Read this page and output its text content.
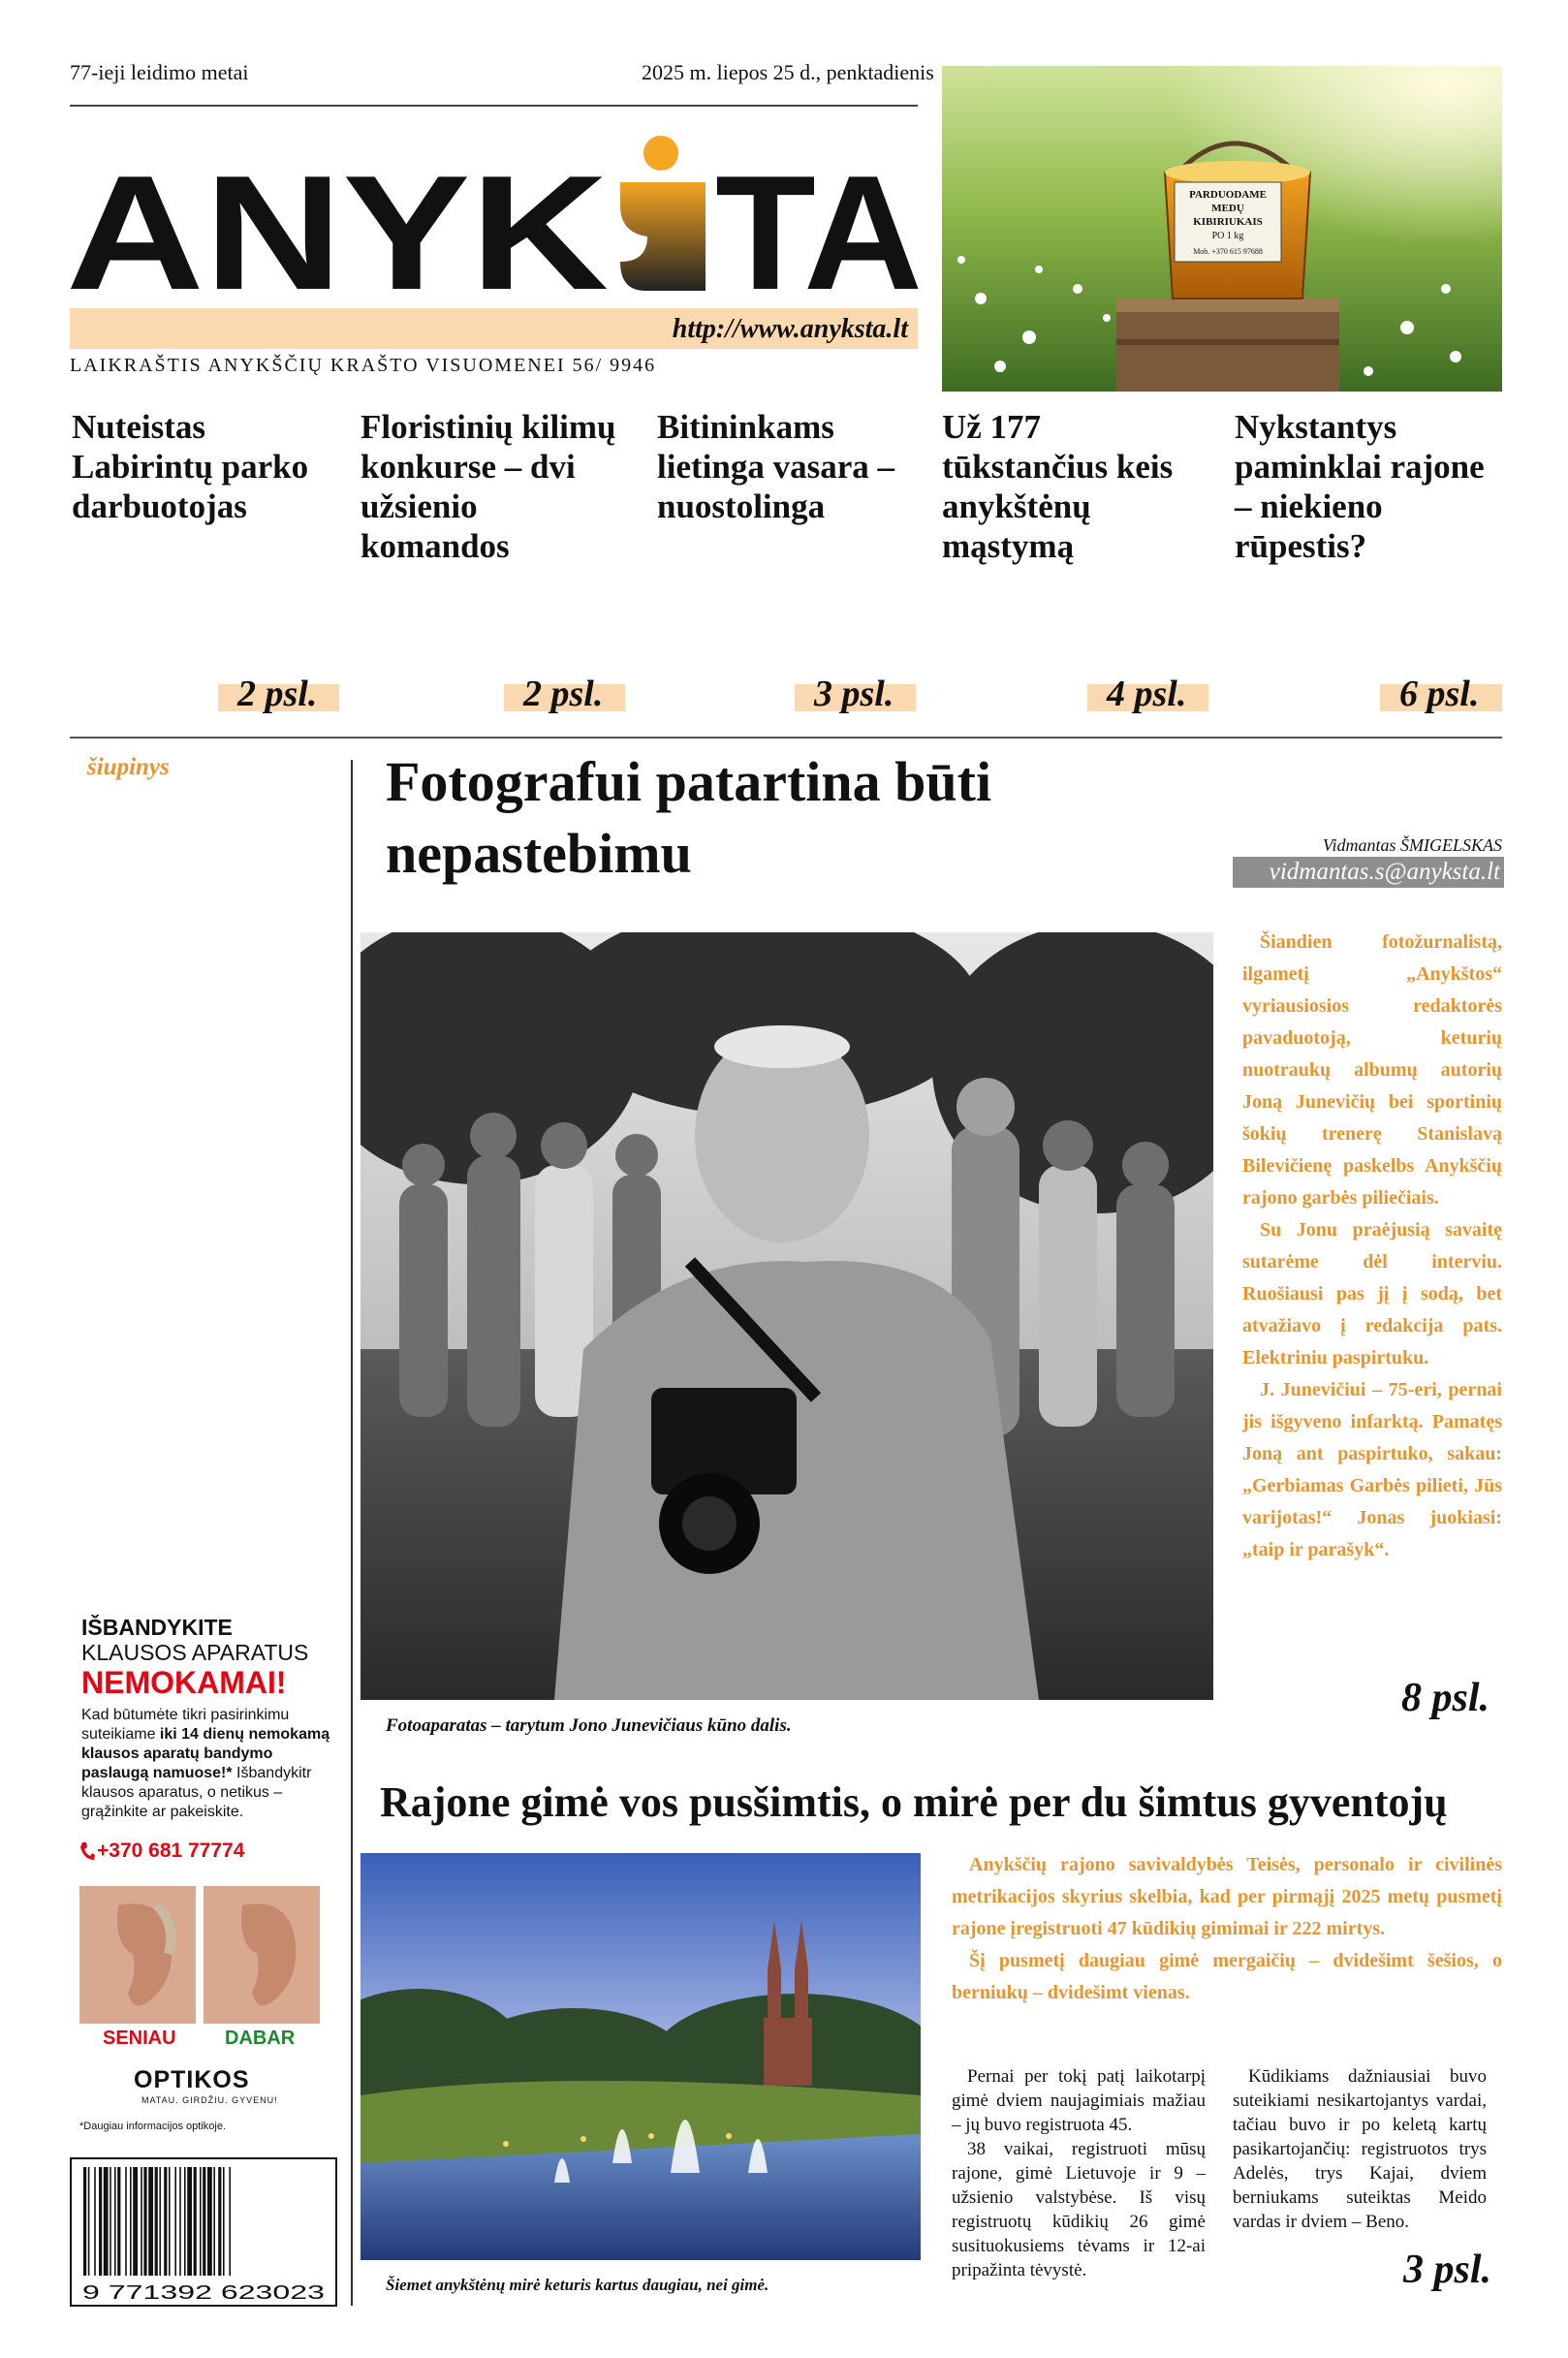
77-ieji leidimo metai	2025 m. liepos 25 d., penktadienis
ANYK TA
http://www.anyksta.lt
LAIKRAŠTIS ANYKŠČIŲ KRAŠTO VISUOMENEI 56/ 9946
PARDUODAME
MEDŲ
KIBIRIUKAIS
PO 1 kg
Mob. +370 615 97688
Nuteistas Labirintų parko darbuotojas
Floristinių kilimų konkurse – dvi užsienio komandos
Bitininkams lietinga vasara – nuostolinga
Už 177 tūkstančius keis anykštėnų mąstymą
Nykstantys paminklai rajone – niekieno rūpestis?
2 psl.	2 psl.	3 psl.	4 psl.	6 psl.
šiupinys
IŠBANDYKITE
KLAUSOS APARATUS
NEMOKAMAI!
Kad būtumėte tikri pasirinkimu suteikiame iki 14 dienų nemokamą klausos aparatų bandymo paslaugą namuose!* Išbandykitr klausos aparatus, o netikus – grąžinkite ar pakeiskite.
+370 681 77774
SENIAU	DABAR
OPTIKOS
MATAU. GIRDŽIU. GYVENU!
*Daugiau informacijos optikoje.
9 771392 623023
Fotografui patartina būti nepastebimu	Vidmantas ŠMIGELSKAS
vidmantas.s@anyksta.lt
Fotoaparatas – tarytum Jono Junevičiaus kūno dalis.

Šiandien fotožurnalistą, ilgametį „Anykštos“ vyriausiosios redaktorės pavaduotoją, keturių nuotraukų albumų autorių Joną Junevičių bei sportinių šokių trenerę Stanislavą Bilevičienę paskelbs Anykščių rajono garbės piliečiais.

Su Jonu praėjusią savaitę sutarėme dėl interviu. Ruošiausi pas jį į sodą, bet atvažiavo į redakcija pats. Elektriniu paspirtuku.

J. Junevičiui – 75-eri, pernai jis išgyveno infarktą. Pamatęs Joną ant paspirtuko, sakau: „Gerbiamas Garbės pilieti, Jūs varijotas!“ Jonas juokiasi: „taip ir parašyk“.

8 psl.
Rajone gimė vos pusšimtis, o mirė per du šimtus gyventojų
Šiemet anykštėnų mirė keturis kartus daugiau, nei gimė.

Anykščių rajono savivaldybės Teisės, personalo ir civilinės metrikacijos skyrius skelbia, kad per pirmąjį 2025 metų pusmetį rajone įregistruoti 47 kūdikių gimimai ir 222 mirtys.

Šį pusmetį daugiau gimė mergaičių – dvidešimt šešios, o berniukų – dvidešimt vienas.

Pernai per tokį patį laikotarpį gimė dviem naujagimiais mažiau – jų buvo registruota 45.

38 vaikai, registruoti mūsų rajone, gimė Lietuvoje ir 9 – užsienio valstybėse. Iš visų registruotų kūdikių 26 gimė susituokusiems tėvams ir 12-ai pripažinta tėvystė.

Kūdikiams dažniausiai buvo suteikiami nesikartojantys vardai, tačiau buvo ir po keletą kartų pasikartojančių: registruotos trys Adelės, trys Kajai, dviem berniukams suteiktas Meido vardas ir dviem – Beno.

3 psl.
